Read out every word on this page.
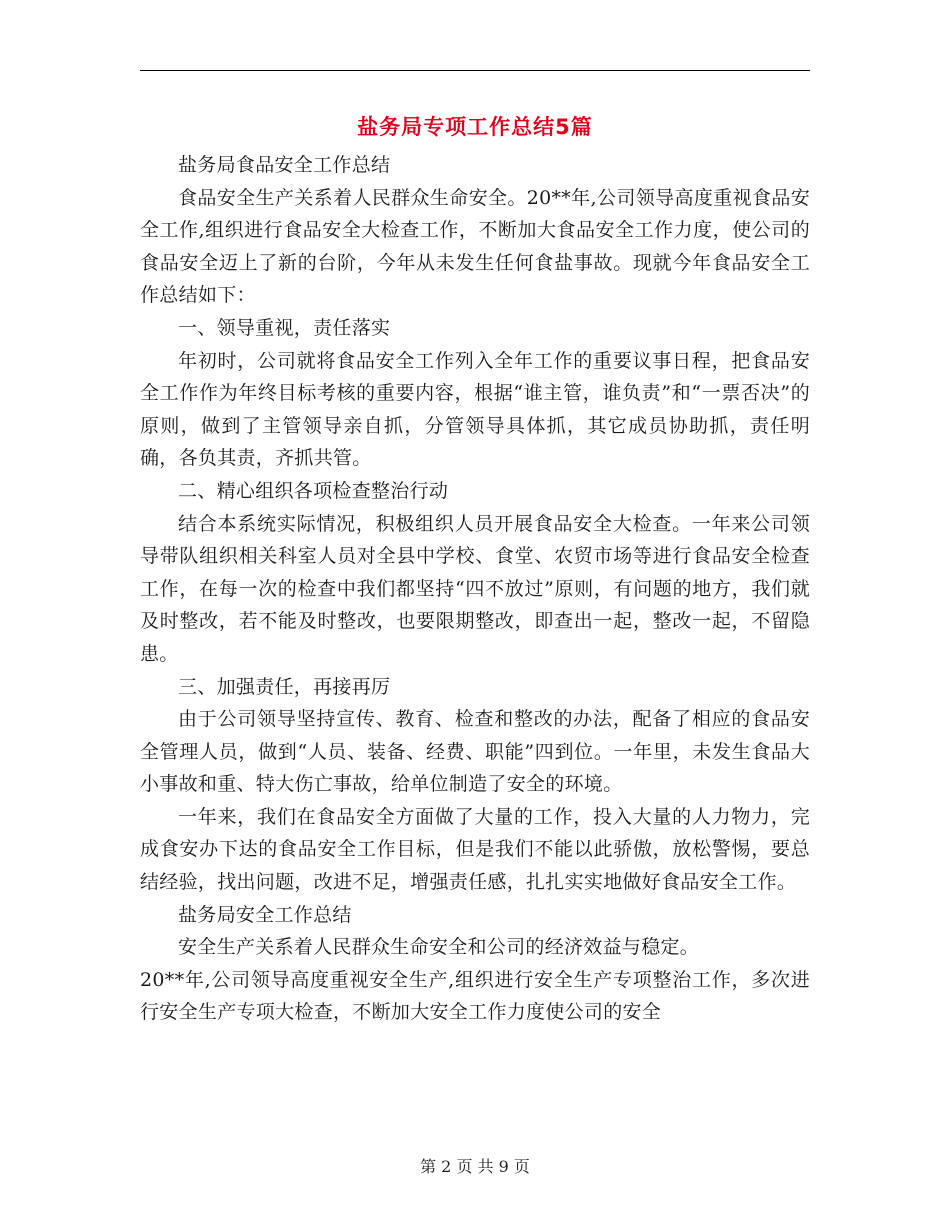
盐务局专项工作总结5篇

盐务局食品安全工作总结

食品安全生产关系着人民群众生命安全。20**年,公司领导高度重视食品安全工作,组织进行食品安全大检查工作，不断加大食品安全工作力度，使公司的食品安全迈上了新的台阶，今年从未发生任何食盐事故。现就今年食品安全工作总结如下：

一、领导重视，责任落实

年初时，公司就将食品安全工作列入全年工作的重要议事日程，把食品安全工作作为年终目标考核的重要内容，根据“谁主管，谁负责”和“一票否决”的原则，做到了主管领导亲自抓，分管领导具体抓，其它成员协助抓，责任明确，各负其责，齐抓共管。

二、精心组织各项检查整治行动

结合本系统实际情况，积极组织人员开展食品安全大检查。一年来公司领导带队组织相关科室人员对全县中学校、食堂、农贸市场等进行食品安全检查工作，在每一次的检查中我们都坚持“四不放过”原则，有问题的地方，我们就及时整改，若不能及时整改，也要限期整改，即查出一起，整改一起，不留隐患。

三、加强责任，再接再厉

由于公司领导坚持宣传、教育、检查和整改的办法，配备了相应的食品安全管理人员，做到“人员、装备、经费、职能”四到位。一年里，未发生食品大小事故和重、特大伤亡事故，给单位制造了安全的环境。

一年来，我们在食品安全方面做了大量的工作，投入大量的人力物力，完成食安办下达的食品安全工作目标，但是我们不能以此骄傲，放松警惕，要总结经验，找出问题，改进不足，增强责任感，扎扎实实地做好食品安全工作。

盐务局安全工作总结

安全生产关系着人民群众生命安全和公司的经济效益与稳定。

20**年,公司领导高度重视安全生产,组织进行安全生产专项整治工作，多次进行安全生产专项大检查，不断加大安全工作力度使公司的安全

第 2 页 共 9 页
